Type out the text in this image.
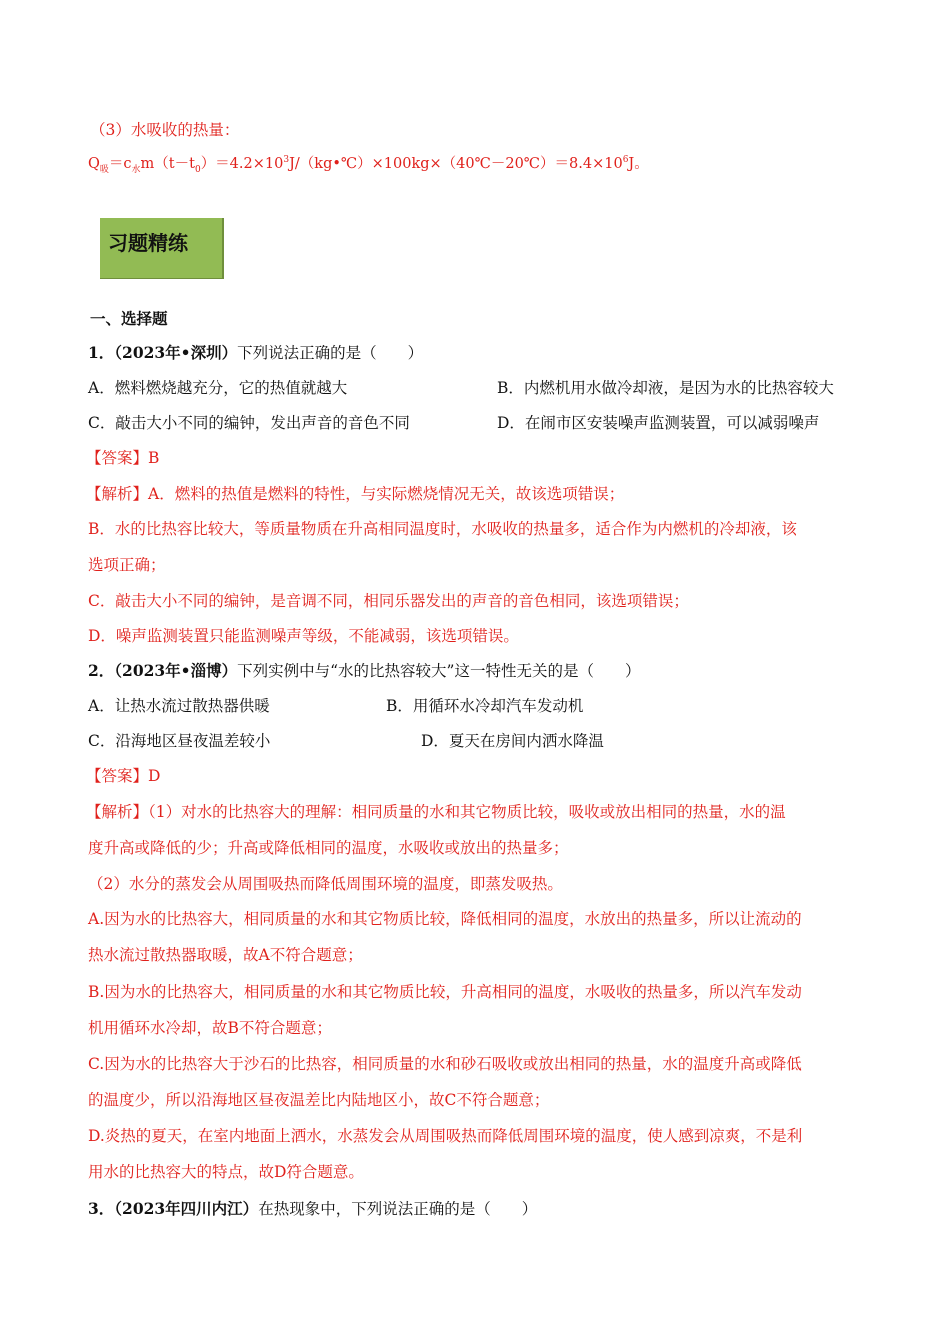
（3）水吸收的热量：
$Q_吸=c_水m(t-t_0)=4.2\times 10^3J/(kg•℃)\times 100kg\times(40℃-20℃)=8.4\times 10^6J$。
习题精练
一、选择题
1．（2023年•深圳）下列说法正确的是（　　）
A．燃料燃烧越充分，它的热值就越大	B．内燃机用水做冷却液，是因为水的比热容较大
C．敲击大小不同的编钟，发出声音的音色不同	D．在闹市区安装噪声监测装置，可以减弱噪声
【答案】B
【解析】A．燃料的热值是燃料的特性，与实际燃烧情况无关，故该选项错误；
B．水的比热容比较大，等质量物质在升高相同温度时，水吸收的热量多，适合作为内燃机的冷却液，该
选项正确；
C．敲击大小不同的编钟，是音调不同，相同乐器发出的声音的音色相同，该选项错误；
D．噪声监测装置只能监测噪声等级，不能减弱，该选项错误。
2．（2023年•淄博）下列实例中与“水的比热容较大”这一特性无关的是（　　）
A．让热水流过散热器供暖	B．用循环水冷却汽车发动机
C．沿海地区昼夜温差较小	D．夏天在房间内洒水降温
【答案】D
【解析】（1）对水的比热容大的理解：相同质量的水和其它物质比较，吸收或放出相同的热量，水的温
度升高或降低的少；升高或降低相同的温度，水吸收或放出的热量多；
（2）水分的蒸发会从周围吸热而降低周围环境的温度，即蒸发吸热。
A.因为水的比热容大，相同质量的水和其它物质比较，降低相同的温度，水放出的热量多，所以让流动的
热水流过散热器取暖，故A不符合题意；
B.因为水的比热容大，相同质量的水和其它物质比较，升高相同的温度，水吸收的热量多，所以汽车发动
机用循环水冷却，故B不符合题意；
C.因为水的比热容大于沙石的比热容，相同质量的水和砂石吸收或放出相同的热量，水的温度升高或降低
的温度少，所以沿海地区昼夜温差比内陆地区小，故C不符合题意；
D.炎热的夏天，在室内地面上洒水，水蒸发会从周围吸热而降低周围环境的温度，使人感到凉爽，不是利
用水的比热容大的特点，故D符合题意。
3．（2023年四川内江）在热现象中，下列说法正确的是（　　）
